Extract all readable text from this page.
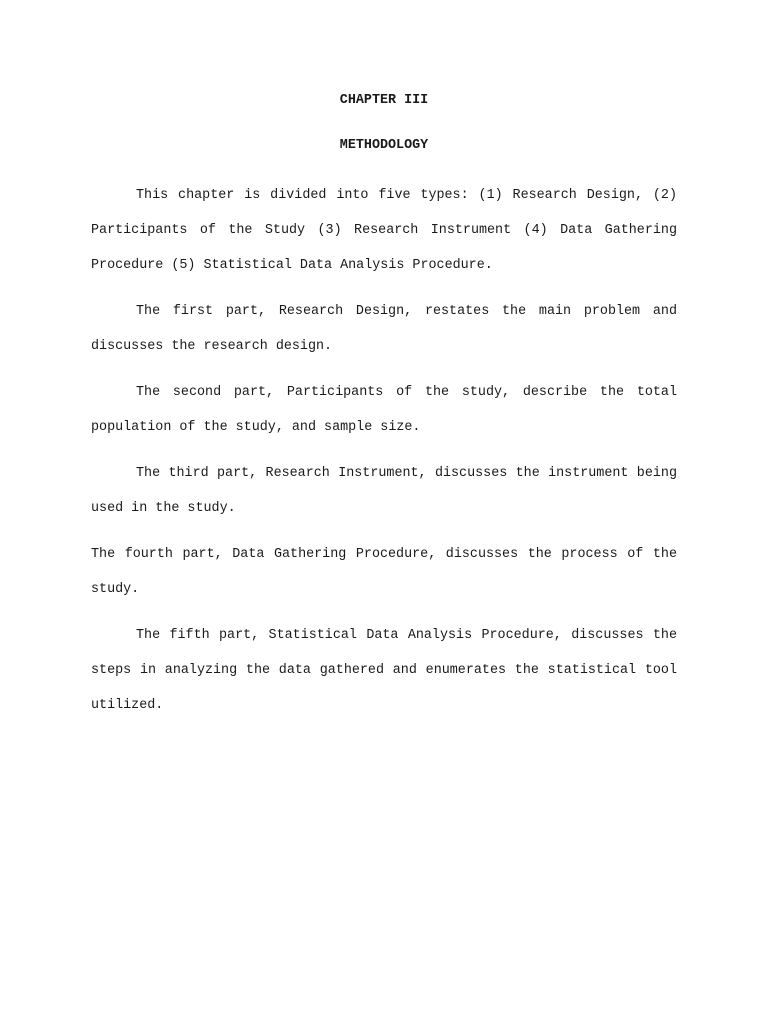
CHAPTER III

METHODOLOGY

This chapter is divided into five types: (1) Research Design, (2) Participants of the Study (3) Research Instrument (4) Data Gathering Procedure (5) Statistical Data Analysis Procedure.

The first part, Research Design, restates the main problem and discusses the research design.

The second part, Participants of the study, describe the total population of the study, and sample size.

The third part, Research Instrument, discusses the instrument being used in the study.

The fourth part, Data Gathering Procedure, discusses the process of the study.

The fifth part, Statistical Data Analysis Procedure, discusses the steps in analyzing the data gathered and enumerates the statistical tool utilized.
